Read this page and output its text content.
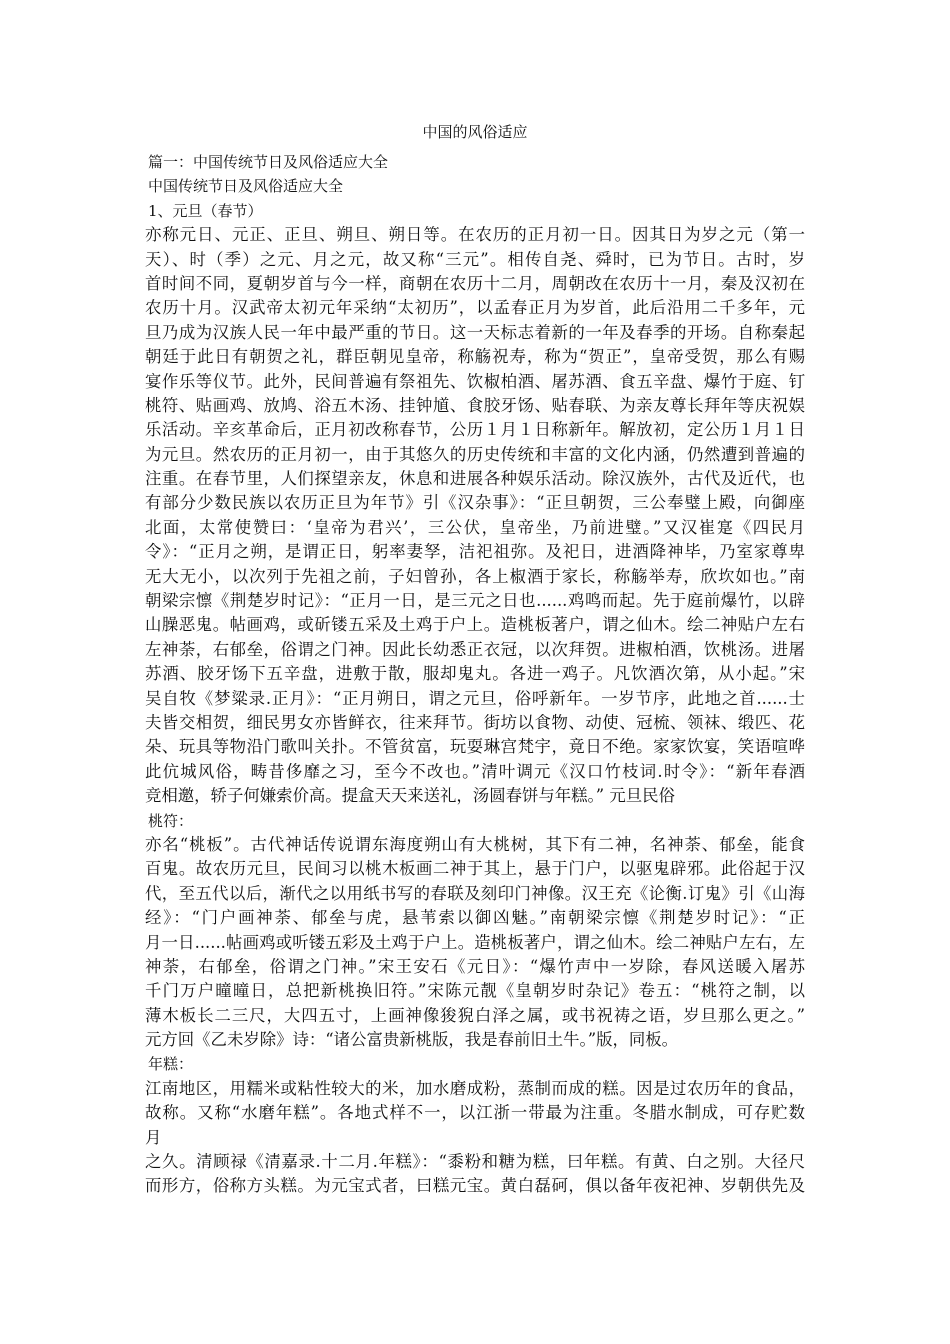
中国的风俗适应
篇一：中国传统节日及风俗适应大全
中国传统节日及风俗适应大全
1、元旦（春节）
亦称元日、元正、正旦、朔旦、朔日等。在农历的正月初一日。因其日为岁之元（第一
天）、时（季）之元、月之元，故又称“三元”。相传自尧、舜时，已为节日。古时，岁
首时间不同，夏朝岁首与今一样，商朝在农历十二月，周朝改在农历十一月，秦及汉初在
农历十月。汉武帝太初元年采纳“太初历”，以孟春正月为岁首，此后沿用二千多年，元
旦乃成为汉族人民一年中最严重的节日。这一天标志着新的一年及春季的开场。自称秦起
朝廷于此日有朝贺之礼，群臣朝见皇帝，称觞祝寿，称为“贺正”，皇帝受贺，那么有赐
宴作乐等仪节。此外，民间普遍有祭祖先、饮椒柏酒、屠苏酒、食五辛盘、爆竹于庭、钉
桃符、贴画鸡、放鸠、浴五木汤、挂钟馗、食胶牙饧、贴春联、为亲友尊长拜年等庆祝娱
乐活动。辛亥革命后，正月初改称春节，公历１月１日称新年。解放初，定公历１月１日
为元旦。然农历的正月初一，由于其悠久的历史传统和丰富的文化内涵，仍然遭到普遍的
注重。在春节里，人们探望亲友，休息和进展各种娱乐活动。除汉族外，古代及近代，也
有部分少数民族以农历正旦为年节》引《汉杂事》：“正旦朝贺，三公奉璧上殿，向御座
北面，太常使赞曰：‘皇帝为君兴’，三公伏，皇帝坐，乃前进璧。”又汉崔寔《四民月
令》：“正月之朔，是谓正日，躬率妻孥，洁祀祖弥。及祀日，进酒降神毕，乃室家尊卑
无大无小，以次列于先祖之前，子妇曾孙，各上椒酒于家长，称觞举寿，欣坎如也。”南
朝梁宗懔《荆楚岁时记》：“正月一日，是三元之日也......鸡鸣而起。先于庭前爆竹，以辟
山臊恶鬼。帖画鸡，或斫镂五采及土鸡于户上。造桃板著户，谓之仙木。绘二神贴户左右
左神荼，右郁垒，俗谓之门神。因此长幼悉正衣冠，以次拜贺。进椒柏酒，饮桃汤。进屠
苏酒、胶牙饧下五辛盘，进敷于散，服却鬼丸。各进一鸡子。凡饮酒次第，从小起。”宋
吴自牧《梦粱录.正月》：“正月朔日，谓之元旦，俗呼新年。一岁节序，此地之首......士
夫皆交相贺，细民男女亦皆鲜衣，往来拜节。街坊以食物、动使、冠梳、领袜、缎匹、花
朵、玩具等物沿门歌叫关扑。不管贫富，玩耍琳宫梵宇，竟日不绝。家家饮宴，笑语喧哗
此伉城风俗，畴昔侈靡之习，至今不改也。”清叶调元《汉口竹枝词.时令》：“新年春酒
竞相邀，轿子何嫌索价高。提盒天天来送礼，汤圆春饼与年糕。” 元旦民俗
桃符：
亦名“桃板”。古代神话传说谓东海度朔山有大桃树，其下有二神，名神荼、郁垒，能食
百鬼。故农历元旦，民间习以桃木板画二神于其上，悬于门户，以驱鬼辟邪。此俗起于汉
代，至五代以后，渐代之以用纸书写的春联及刻印门神像。汉王充《论衡.订鬼》引《山海
经》：“门户画神荼、郁垒与虎，悬苇索以御凶魅。”南朝梁宗懔《荆楚岁时记》：“正
月一日......帖画鸡或听镂五彩及土鸡于户上。造桃板著户，谓之仙木。绘二神贴户左右，左
神荼，右郁垒，俗谓之门神。”宋王安石《元日》：“爆竹声中一岁除，春风送暖入屠苏
千门万户曈曈日，总把新桃换旧符。”宋陈元靓《皇朝岁时杂记》卷五：“桃符之制，以
薄木板长二三尺，大四五寸，上画神像狻猊白泽之属，或书祝祷之语，岁旦那么更之。”
元方回《乙未岁除》诗：“诸公富贵新桃版，我是春前旧土牛。”版，同板。
年糕：
江南地区，用糯米或粘性较大的米，加水磨成粉，蒸制而成的糕。因是过农历年的食品，
故称。又称“水磨年糕”。各地式样不一，以江浙一带最为注重。冬腊水制成，可存贮数
月
之久。清顾禄《清嘉录.十二月.年糕》：“黍粉和糖为糕，曰年糕。有黄、白之别。大径尺
而形方，俗称方头糕。为元宝式者，曰糕元宝。黄白磊砢，俱以备年夜祀神、岁朝供先及
